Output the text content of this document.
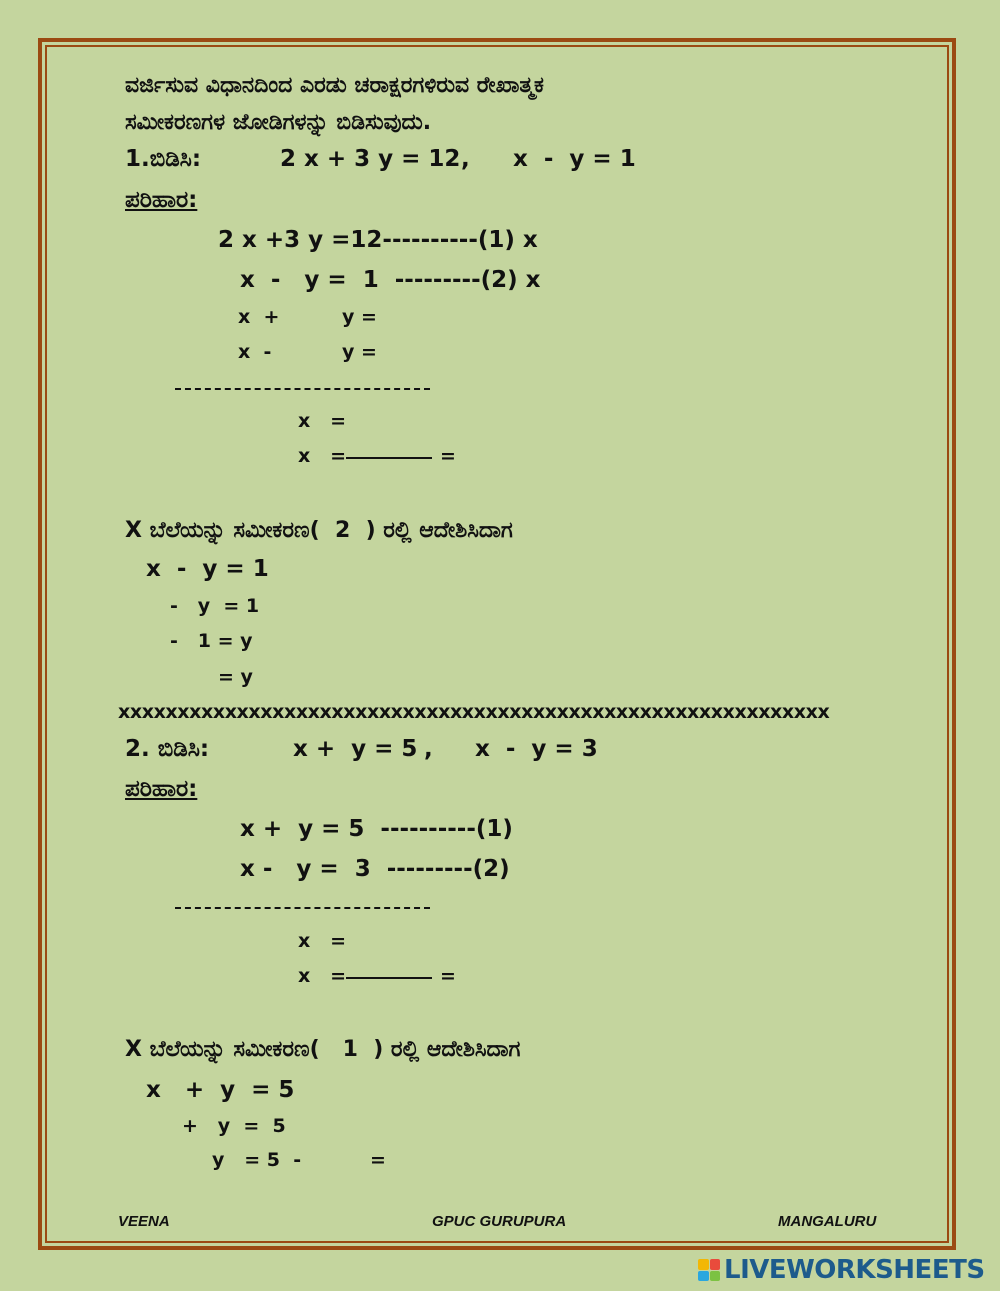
ವರ್ಜಿಸುವ ವಿಧಾನದಿಂದ ಎರಡು ಚರಾಕ್ಷರಗಳಿರುವ ರೇಖಾತ್ಮಕ
ಸಮೀಕರಣಗಳ ಜೋಡಿಗಳನ್ನು ಬಿಡಿಸುವುದು.
1.ಬಿಡಿಸಿ:	2 x + 3 y = 12 , x  -  y = 1
ಪರಿಹಾರ:
2 x +3 y =12----------(1) x
x  -   y =  1  ---------(2) x
x  +	y =
x  -	y =
x   =
x   =	=
X ಬೆಲೆಯನ್ನು ಸಮೀಕರಣ(  2  ) ರಲ್ಲಿ ಆದೇಶಿಸಿದಾಗ
x  -  y = 1
-   y  = 1
-   1 = y
= y
xxxxxxxxxxxxxxxxxxxxxxxxxxxxxxxxxxxxxxxxxxxxxxxxxxxxxxxxxxxx
2. ಬಿಡಿಸಿ:	x +  y = 5 , x  -  y = 3
ಪರಿಹಾರ:
x +  y = 5  ----------(1)
x -   y =  3  ---------(2)
x   =
x   =	=
X ಬೆಲೆಯನ್ನು ಸಮೀಕರಣ(   1  ) ರಲ್ಲಿ ಆದೇಶಿಸಿದಾಗ
x   +  y  = 5
+   y  =  5
y   = 5  -	=
VEENA	GPUC GURUPURA	MANGALURU
LIVEWORKSHEETS
